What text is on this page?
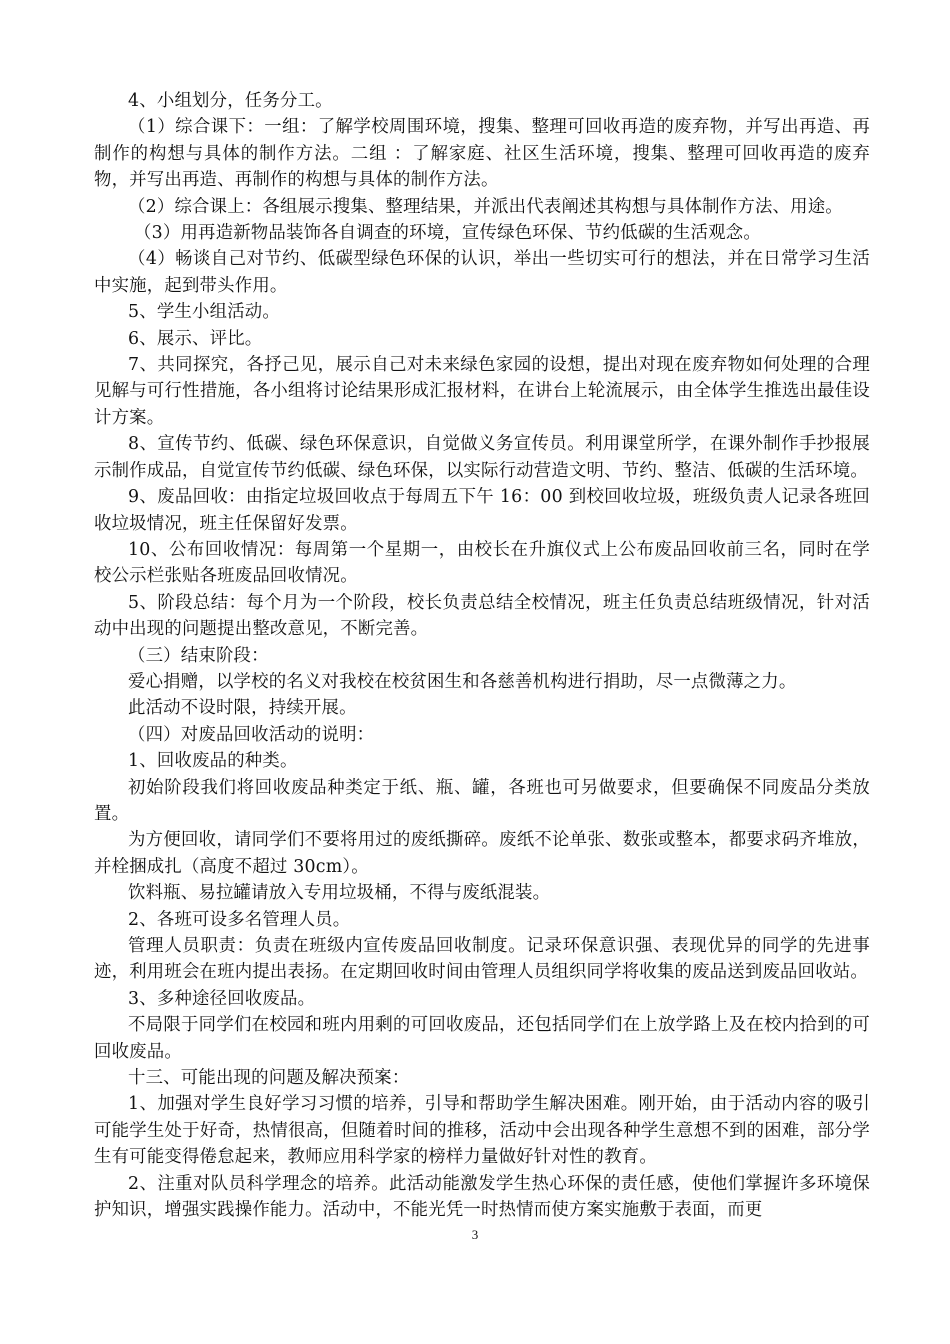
4、小组划分，任务分工。

（1）综合课下：一组：了解学校周围环境，搜集、整理可回收再造的废弃物，并写出再造、再制作的构想与具体的制作方法。二组 ：了解家庭、社区生活环境，搜集、整理可回收再造的废弃物，并写出再造、再制作的构想与具体的制作方法。

（2）综合课上：各组展示搜集、整理结果，并派出代表阐述其构想与具体制作方法、用途。

（3）用再造新物品装饰各自调查的环境，宣传绿色环保、节约低碳的生活观念。

（4）畅谈自己对节约、低碳型绿色环保的认识，举出一些切实可行的想法，并在日常学习生活中实施，起到带头作用。

5、学生小组活动。

6、展示、评比。

7、共同探究，各抒己见，展示自己对未来绿色家园的设想，提出对现在废弃物如何处理的合理见解与可行性措施，各小组将讨论结果形成汇报材料，在讲台上轮流展示，由全体学生推选出最佳设计方案。

8、宣传节约、低碳、绿色环保意识，自觉做义务宣传员。利用课堂所学，在课外制作手抄报展示制作成品，自觉宣传节约低碳、绿色环保，以实际行动营造文明、节约、整洁、低碳的生活环境。

9、废品回收：由指定垃圾回收点于每周五下午 16：00 到校回收垃圾，班级负责人记录各班回收垃圾情况，班主任保留好发票。

10、公布回收情况：每周第一个星期一，由校长在升旗仪式上公布废品回收前三名，同时在学校公示栏张贴各班废品回收情况。

5、阶段总结：每个月为一个阶段，校长负责总结全校情况，班主任负责总结班级情况，针对活动中出现的问题提出整改意见，不断完善。

（三）结束阶段：

爱心捐赠，以学校的名义对我校在校贫困生和各慈善机构进行捐助，尽一点微薄之力。

此活动不设时限，持续开展。

（四）对废品回收活动的说明：

1、回收废品的种类。

初始阶段我们将回收废品种类定于纸、瓶、罐，各班也可另做要求，但要确保不同废品分类放置。

为方便回收，请同学们不要将用过的废纸撕碎。废纸不论单张、数张或整本，都要求码齐堆放，并栓捆成扎（高度不超过 30cm）。

饮料瓶、易拉罐请放入专用垃圾桶，不得与废纸混装。

2、各班可设多名管理人员。

管理人员职责：负责在班级内宣传废品回收制度。记录环保意识强、表现优异的同学的先进事迹，利用班会在班内提出表扬。在定期回收时间由管理人员组织同学将收集的废品送到废品回收站。

3、多种途径回收废品。

不局限于同学们在校园和班内用剩的可回收废品，还包括同学们在上放学路上及在校内拾到的可回收废品。

十三、可能出现的问题及解决预案：

1、加强对学生良好学习习惯的培养，引导和帮助学生解决困难。刚开始，由于活动内容的吸引可能学生处于好奇，热情很高，但随着时间的推移，活动中会出现各种学生意想不到的困难，部分学生有可能变得倦怠起来，教师应用科学家的榜样力量做好针对性的教育。

2、注重对队员科学理念的培养。此活动能激发学生热心环保的责任感，使他们掌握许多环境保护知识，增强实践操作能力。活动中，不能光凭一时热情而使方案实施敷于表面，而更

3
